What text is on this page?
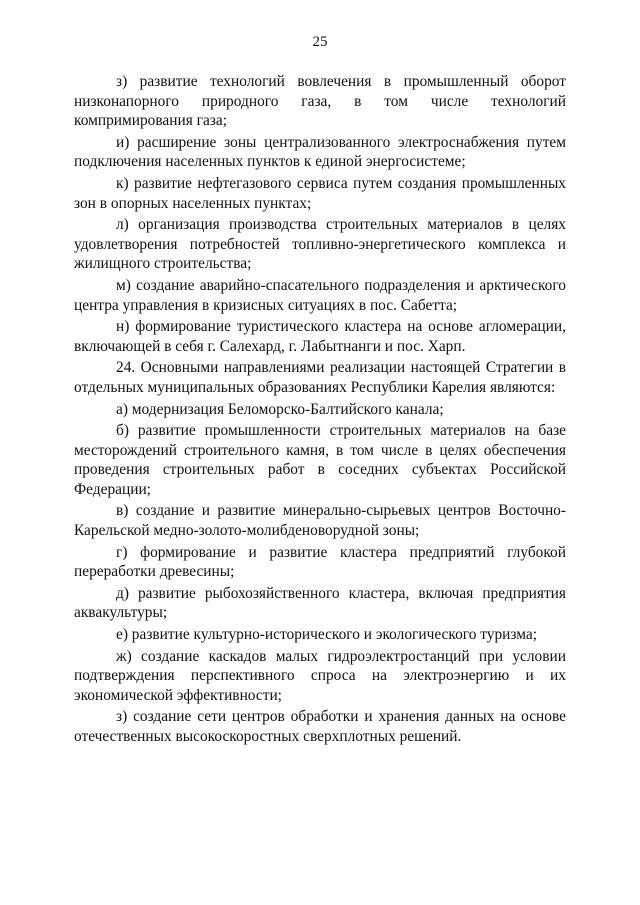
25

з) развитие технологий вовлечения в промышленный оборот низконапорного природного газа, в том числе технологий компримирования газа;

и) расширение зоны централизованного электроснабжения путем подключения населенных пунктов к единой энергосистеме;

к) развитие нефтегазового сервиса путем создания промышленных зон в опорных населенных пунктах;

л) организация производства строительных материалов в целях удовлетворения потребностей топливно-энергетического комплекса и жилищного строительства;

м) создание аварийно-спасательного подразделения и арктического центра управления в кризисных ситуациях в пос. Сабетта;

н) формирование туристического кластера на основе агломерации, включающей в себя г. Салехард, г. Лабытнанги и пос. Харп.

24. Основными направлениями реализации настоящей Стратегии в отдельных муниципальных образованиях Республики Карелия являются:

а) модернизация Беломорско-Балтийского канала;

б) развитие промышленности строительных материалов на базе месторождений строительного камня, в том числе в целях обеспечения проведения строительных работ в соседних субъектах Российской Федерации;

в) создание и развитие минерально-сырьевых центров Восточно-Карельской медно-золото-молибденоворудной зоны;

г) формирование и развитие кластера предприятий глубокой переработки древесины;

д) развитие рыбохозяйственного кластера, включая предприятия аквакультуры;

е) развитие культурно-исторического и экологического туризма;

ж) создание каскадов малых гидроэлектростанций при условии подтверждения перспективного спроса на электроэнергию и их экономической эффективности;

з) создание сети центров обработки и хранения данных на основе отечественных высокоскоростных сверхплотных решений.
